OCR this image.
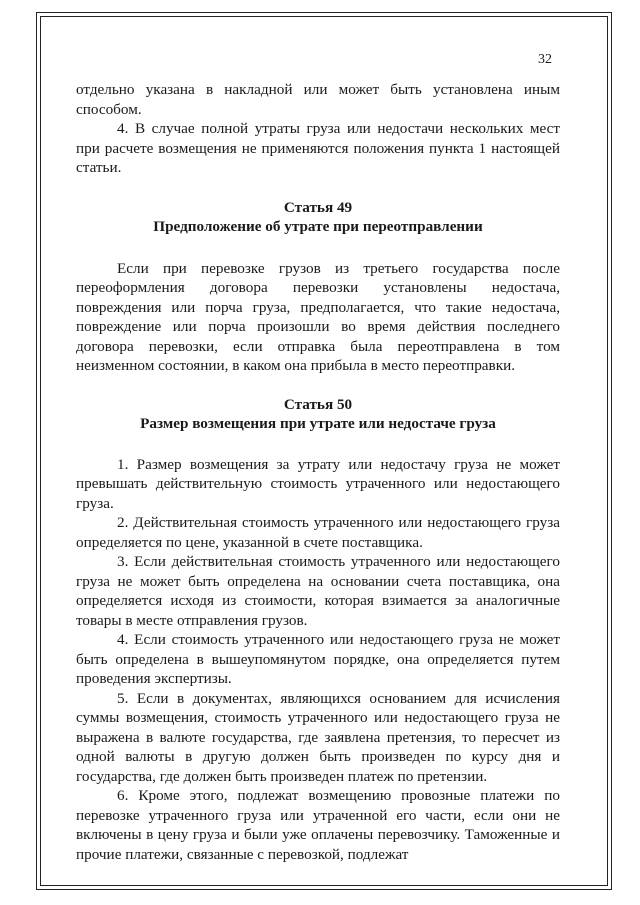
32

отдельно указана в накладной или может быть установлена иным способом.

4. В случае полной утраты груза или недостачи нескольких мест при расчете возмещения не применяются положения пункта 1 настоящей статьи.

Статья 49

Предположение об утрате при переотправлении

Если при перевозке грузов из третьего государства после переоформления договора перевозки установлены недостача, повреждения или порча груза, предполагается, что такие недостача, повреждение или порча произошли во время действия последнего договора перевозки, если отправка была переотправлена в том неизменном состоянии, в каком она прибыла в место переотправки.

Статья 50

Размер возмещения при утрате или недостаче груза

1. Размер возмещения за утрату или недостачу груза не может превышать действительную стоимость утраченного или недостающего груза.

2. Действительная стоимость утраченного или недостающего груза определяется по цене, указанной в счете поставщика.

3. Если действительная стоимость утраченного или недостающего груза не может быть определена на основании счета поставщика, она определяется исходя из стоимости, которая взимается за аналогичные товары в месте отправления грузов.

4. Если стоимость утраченного или недостающего груза не может быть определена в вышеупомянутом порядке, она определяется путем проведения экспертизы.

5. Если в документах, являющихся основанием для исчисления суммы возмещения, стоимость утраченного или недостающего груза не выражена в валюте государства, где заявлена претензия, то пересчет из одной валюты в другую должен быть произведен по курсу дня и государства, где должен быть произведен платеж по претензии.

6. Кроме этого, подлежат возмещению провозные платежи по перевозке утраченного груза или утраченной его части, если они не включены в цену груза и были уже оплачены перевозчику. Таможенные и прочие платежи, связанные с перевозкой, подлежат
